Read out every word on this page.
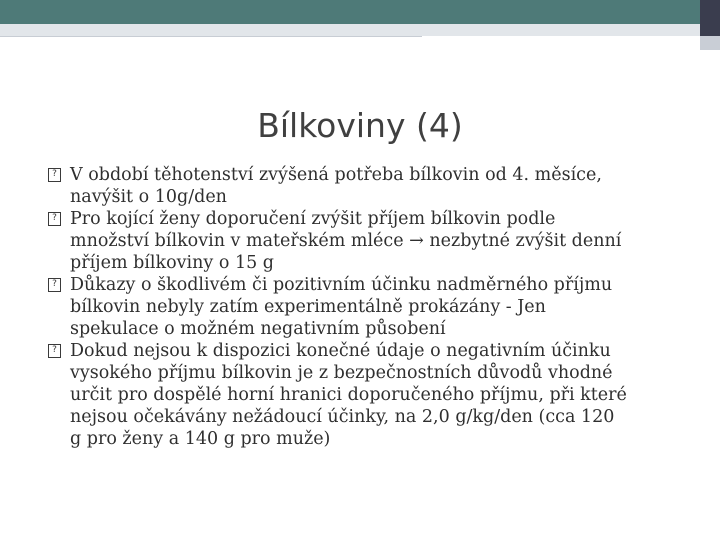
Bílkoviny (4)
? V období těhotenství zvýšená potřeba bílkovin od 4. měsíce,
navýšit o 10g/den
? Pro kojící ženy doporučení zvýšit příjem bílkovin podle
množství bílkovin v mateřském mléce → nezbytné zvýšit denní
příjem bílkoviny o 15 g
? Důkazy o škodlivém či pozitivním účinku nadměrného příjmu
bílkovin nebyly zatím experimentálně prokázány - Jen
spekulace o možném negativním působení
? Dokud nejsou k dispozici konečné údaje o negativním účinku
vysokého příjmu bílkovin je z bezpečnostních důvodů vhodné
určit pro dospělé horní hranici doporučeného příjmu, při které
nejsou očekávány nežádoucí účinky, na 2,0 g/kg/den (cca 120
g pro ženy a 140 g pro muže)
